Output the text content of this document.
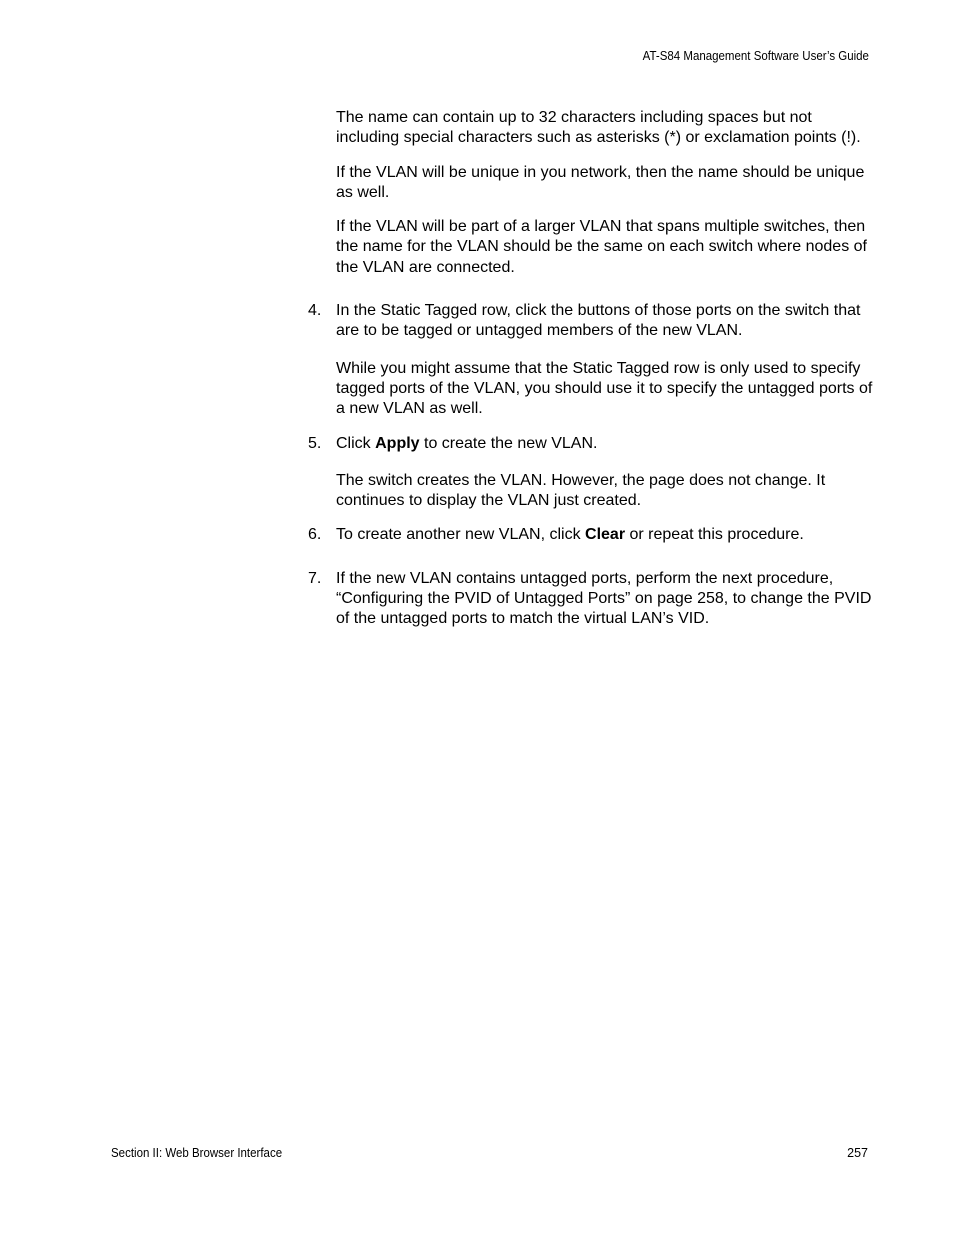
AT-S84 Management Software User’s Guide

The name can contain up to 32 characters including spaces but not including special characters such as asterisks (*) or exclamation points (!).

If the VLAN will be unique in you network, then the name should be unique as well.

If the VLAN will be part of a larger VLAN that spans multiple switches, then the name for the VLAN should be the same on each switch where nodes of the VLAN are connected.

4. In the Static Tagged row, click the buttons of those ports on the switch that are to be tagged or untagged members of the new VLAN.
While you might assume that the Static Tagged row is only used to specify tagged ports of the VLAN, you should use it to specify the untagged ports of a new VLAN as well.
5. Click Apply to create the new VLAN.
The switch creates the VLAN. However, the page does not change. It continues to display the VLAN just created.
6. To create another new VLAN, click Clear or repeat this procedure.
7. If the new VLAN contains untagged ports, perform the next procedure, “Configuring the PVID of Untagged Ports” on page 258, to change the PVID of the untagged ports to match the virtual LAN’s VID.
Section II: Web Browser Interface	257
